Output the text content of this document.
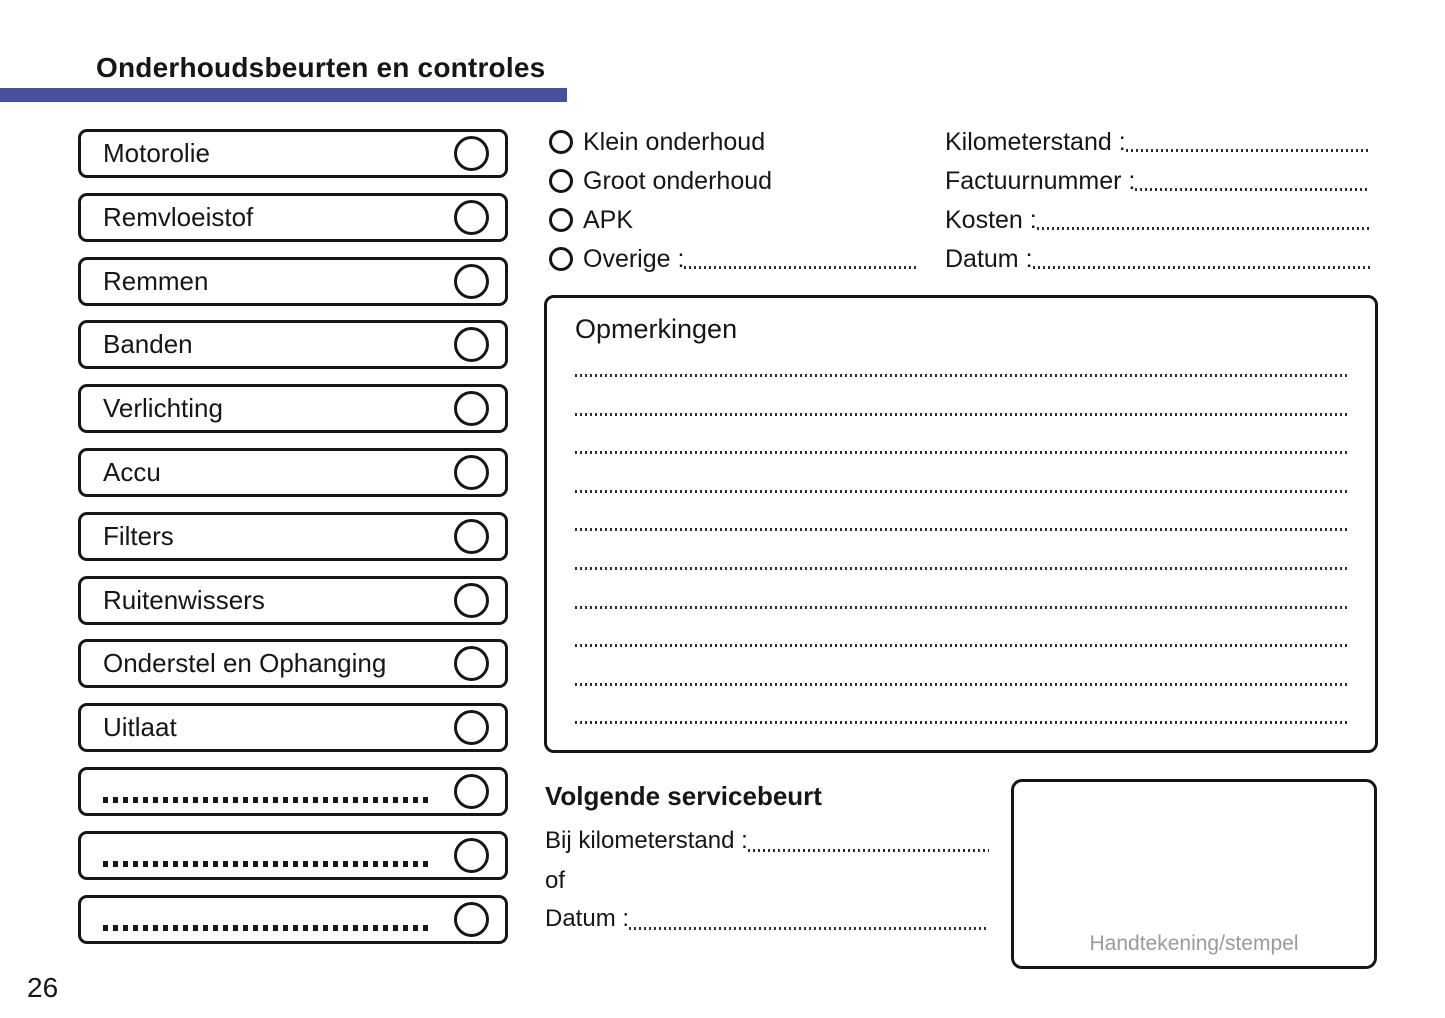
Onderhoudsbeurten en controles
Motorolie
Remvloeistof
Remmen
Banden
Verlichting
Accu
Filters
Ruitenwissers
Onderstel en Ophanging
Uitlaat
Klein onderhoud
Groot onderhoud
APK
Overige :
Kilometerstand :
Factuurnummer :
Kosten :
Datum :
Opmerkingen
Volgende servicebeurt
Bij kilometerstand :
of
Datum :
Handtekening/stempel
26
